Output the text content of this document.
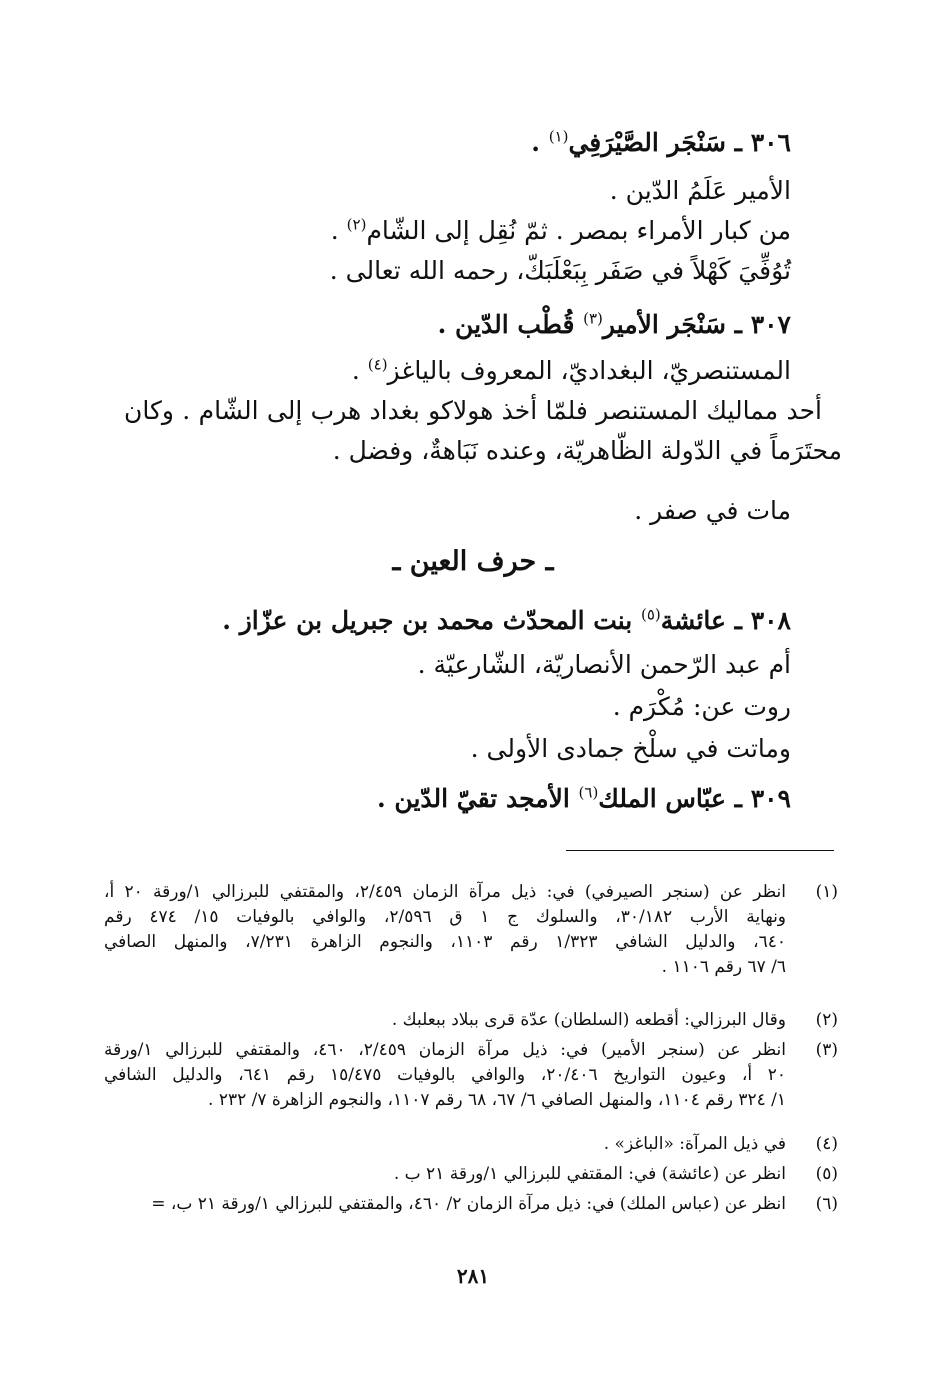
٣٠٦ ـ سَنْجَر الصَّيْرَفِي$^{(١)}$ .
الأمير عَلَمُ الدّين .
من كبار الأمراء بمصر . ثمّ نُقِل إلى الشّام$^{(٢)}$ .
تُوُفِّيَ كَهْلاً في صَفَر بِبَعْلَبَكّ، رحمه الله تعالى .
٣٠٧ ـ سَنْجَر الأمير$^{(٣)}$ قُطْب الدّين .
المستنصريّ، البغداديّ، المعروف بالياغز$^{(٤)}$ .
أحد مماليك المستنصر فلمّا أخذ هولاكو بغداد هرب إلى الشّام . وكان
محتَرَماً في الدّولة الظّاهريّة، وعنده نَبَاهةٌ، وفضل .
مات في صفر .
ـ حرف العين ـ
٣٠٨ ـ عائشة$^{(٥)}$ بنت المحدّث محمد بن جبريل بن عزّاز .
أم عبد الرّحمن الأنصاريّة، الشّارعيّة .
روت عن: مُكْرَم .
وماتت في سلْخ جمادى الأولى .
٣٠٩ ـ عبّاس الملك$^{(٦)}$ الأمجد تقيّ الدّين .
(١)
انظر عن (سنجر الصيرفي) في: ذيل مرآة الزمان ٢/٤٥٩، والمقتفي للبرزالي ١/ورقة ٢٠ أ،
ونهاية الأرب ٣٠/١٨٢، والسلوك ج ١ ق ٢/٥٩٦، والوافي بالوفيات ١٥/ ٤٧٤ رقم
٦٤٠، والدليل الشافي ١/٣٢٣ رقم ١١٠٣، والنجوم الزاهرة ٧/٢٣١، والمنهل الصافي
٦/ ٦٧ رقم ١١٠٦ .
(٢)
وقال البرزالي: أقطعه (السلطان) عدّة قرى ببلاد ببعلبك .
(٣)
انظر عن (سنجر الأمير) في: ذيل مرآة الزمان ٢/٤٥٩، ٤٦٠، والمقتفي للبرزالي ١/ورقة
٢٠ أ، وعيون التواريخ ٢٠/٤٠٦، والوافي بالوفيات ١٥/٤٧٥ رقم ٦٤١، والدليل الشافي
١/ ٣٢٤ رقم ١١٠٤، والمنهل الصافي ٦/ ٦٧، ٦٨ رقم ١١٠٧، والنجوم الزاهرة ٧/ ٢٣٢ .
(٤)
في ذيل المرآة: «الباغز» .
(٥)
انظر عن (عائشة) في: المقتفي للبرزالي ١/ورقة ٢١ ب .
(٦)
انظر عن (عباس الملك) في: ذيل مرآة الزمان ٢/ ٤٦٠، والمقتفي للبرزالي ١/ورقة ٢١ ب، =
٢٨١
